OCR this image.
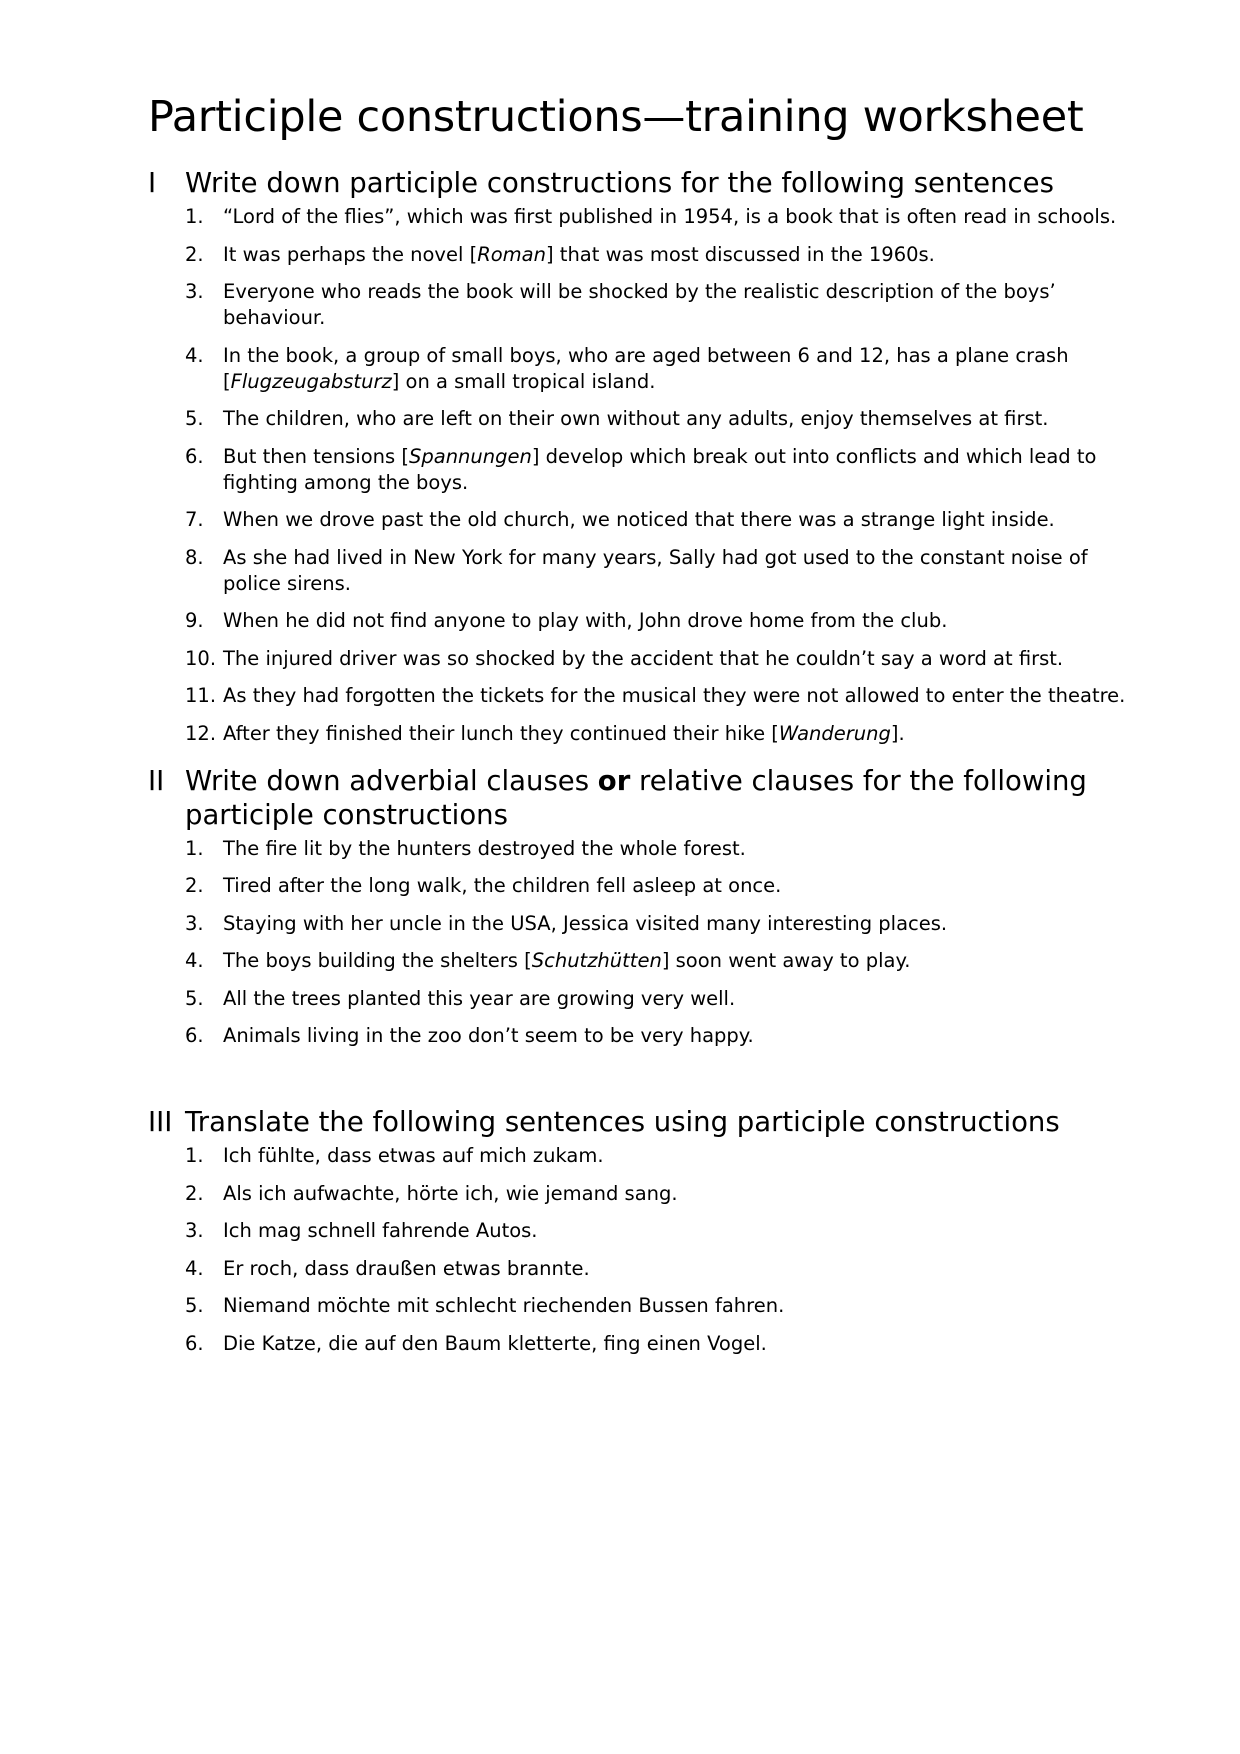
Participle constructions—training worksheet
I	Write down participle constructions for the following sentences
1. “Lord of the flies”, which was first published in 1954, is a book that is often read in schools.
2. It was perhaps the novel [Roman] that was most discussed in the 1960s.
3. Everyone who reads the book will be shocked by the realistic description of the boys’ behaviour.
4. In the book, a group of small boys, who are aged between 6 and 12, has a plane crash [Flugzeugabsturz] on a small tropical island.
5. The children, who are left on their own without any adults, enjoy themselves at first.
6. But then tensions [Spannungen] develop which break out into conflicts and which lead to fighting among the boys.
7. When we drove past the old church, we noticed that there was a strange light inside.
8. As she had lived in New York for many years, Sally had got used to the constant noise of police sirens.
9. When he did not find anyone to play with, John drove home from the club.
10. The injured driver was so shocked by the accident that he couldn’t say a word at first.
11. As they had forgotten the tickets for the musical they were not allowed to enter the theatre.
12. After they finished their lunch they continued their hike [Wanderung].
II Write down adverbial clauses or relative clauses for the following participle constructions
1. The fire lit by the hunters destroyed the whole forest.
2. Tired after the long walk, the children fell asleep at once.
3. Staying with her uncle in the USA, Jessica visited many interesting places.
4. The boys building the shelters [Schutzhütten] soon went away to play.
5. All the trees planted this year are growing very well.
6. Animals living in the zoo don’t seem to be very happy.
III Translate the following sentences using participle constructions
1. Ich fühlte, dass etwas auf mich zukam.
2. Als ich aufwachte, hörte ich, wie jemand sang.
3. Ich mag schnell fahrende Autos.
4. Er roch, dass draußen etwas brannte.
5. Niemand möchte mit schlecht riechenden Bussen fahren.
6. Die Katze, die auf den Baum kletterte, fing einen Vogel.
